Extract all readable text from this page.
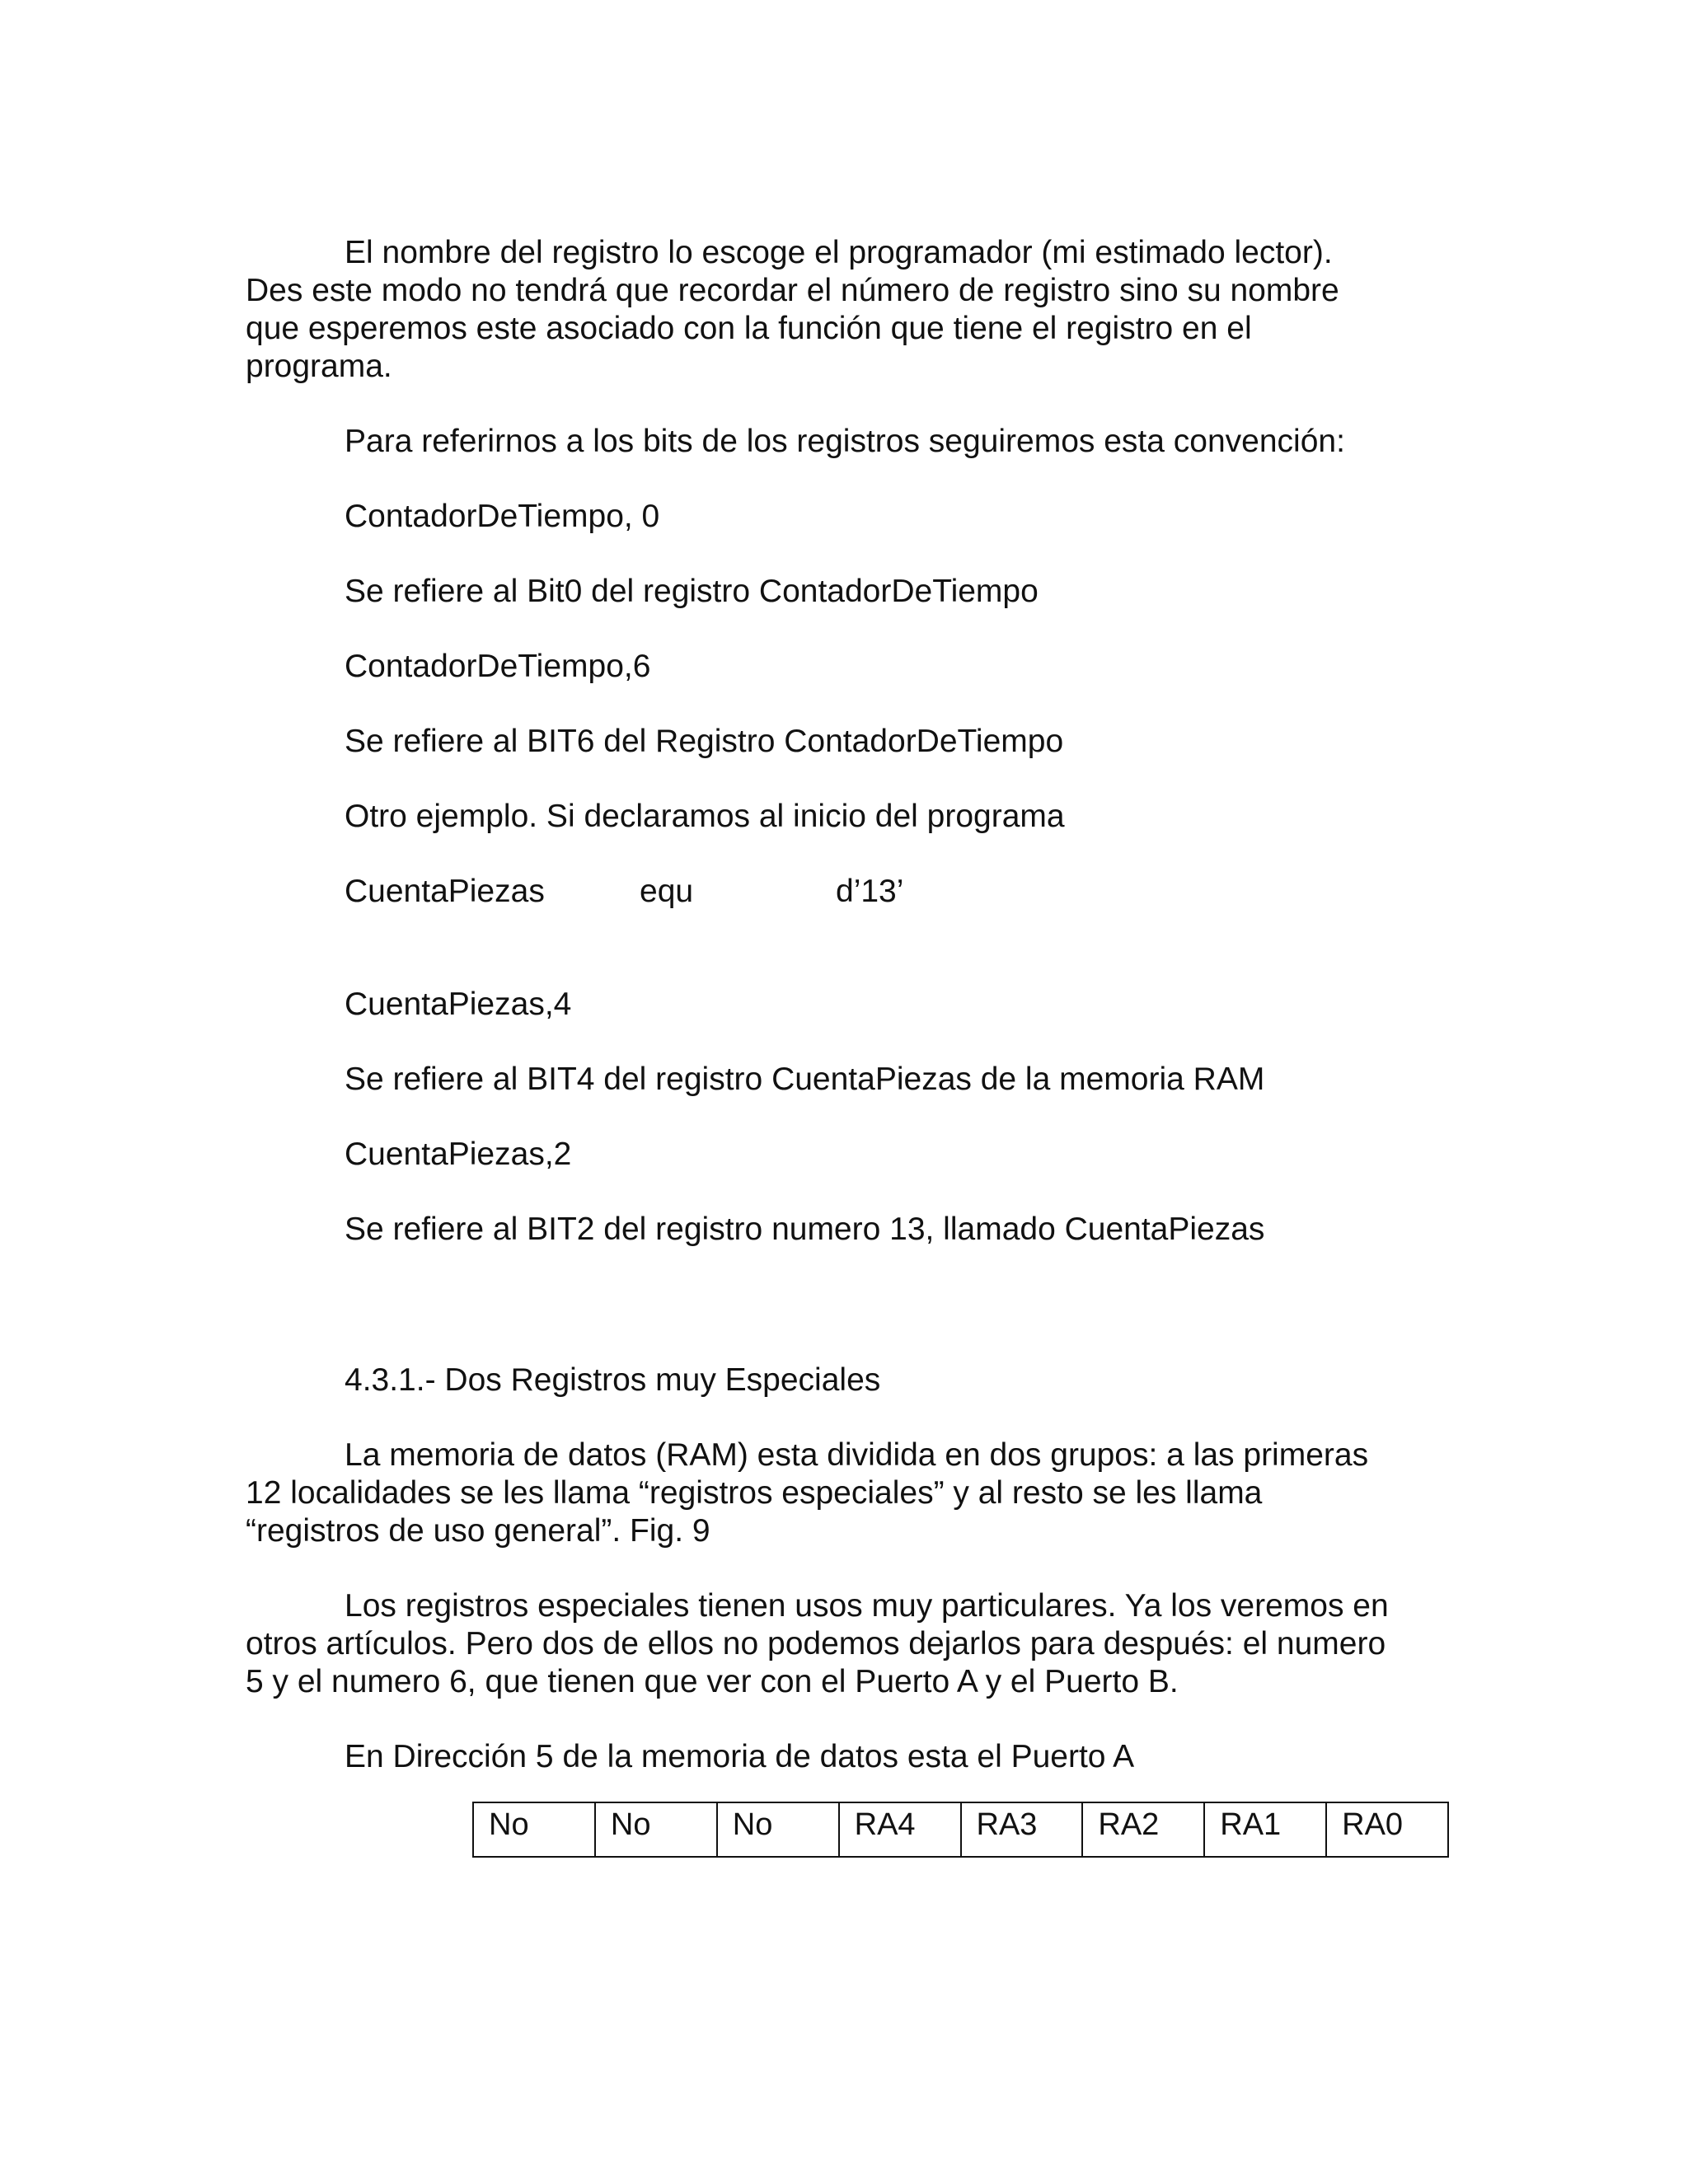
El nombre del registro lo escoge el programador (mi estimado lector).
Des este modo no tendrá que recordar el número de registro sino su nombre
que esperemos este asociado con la función que tiene el registro en el
programa.
Para referirnos a los bits de los registros seguiremos esta convención:
ContadorDeTiempo, 0
Se refiere al Bit0 del registro ContadorDeTiempo
ContadorDeTiempo,6
Se refiere al BIT6 del Registro ContadorDeTiempo
Otro ejemplo. Si declaramos al inicio del programa
CuentaPiezas	equ	d’13’
CuentaPiezas,4
Se refiere al BIT4 del registro CuentaPiezas de la memoria RAM
CuentaPiezas,2
Se refiere al BIT2 del registro numero 13, llamado CuentaPiezas
4.3.1.- Dos Registros muy Especiales
La memoria de datos (RAM) esta dividida en dos grupos: a las primeras
12 localidades se les llama “registros especiales” y al resto se les llama
“registros de uso general”. Fig. 9
Los registros especiales tienen usos muy particulares. Ya los veremos en
otros artículos. Pero dos de ellos no podemos dejarlos para después: el numero
5 y el numero 6, que tienen que ver con el Puerto A y el Puerto B.
En Dirección 5 de la memoria de datos esta el Puerto A
No	No	No	RA4	RA3	RA2	RA1	RA0
